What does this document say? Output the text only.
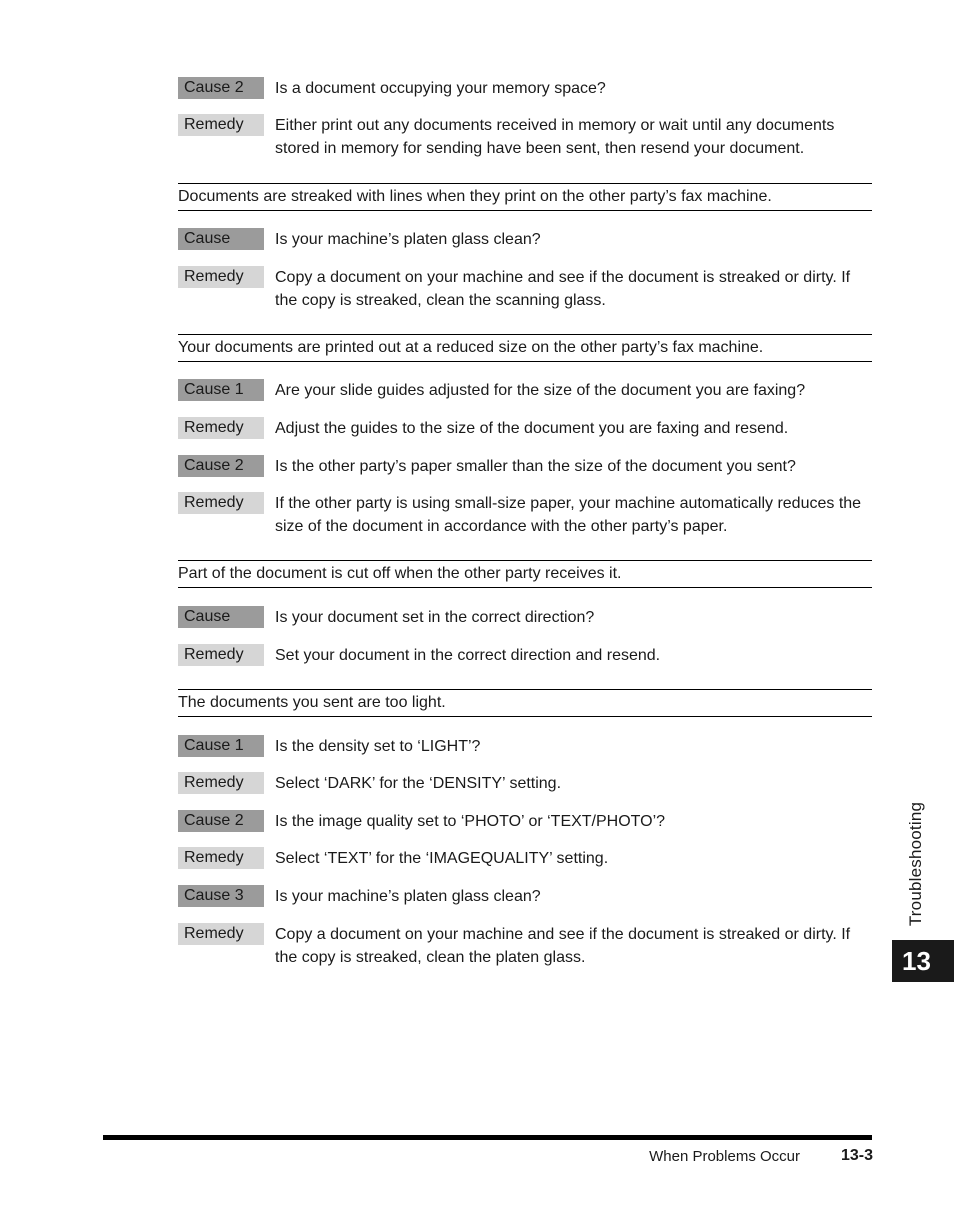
Cause 2	Is a document occupying your memory space?
Remedy	Either print out any documents received in memory or wait until any documents stored in memory for sending have been sent, then resend your document.
Documents are streaked with lines when they print on the other party’s fax machine.
Cause	Is your machine’s platen glass clean?
Remedy	Copy a document on your machine and see if the document is streaked or dirty. If the copy is streaked, clean the scanning glass.
Your documents are printed out at a reduced size on the other party’s fax machine.
Cause 1	Are your slide guides adjusted for the size of the document you are faxing?
Remedy	Adjust the guides to the size of the document you are faxing and resend.
Cause 2	Is the other party’s paper smaller than the size of the document you sent?
Remedy	If the other party is using small-size paper, your machine automatically reduces the size of the document in accordance with the other party’s paper.
Part of the document is cut off when the other party receives it.
Cause	Is your document set in the correct direction?
Remedy	Set your document in the correct direction and resend.
The documents you sent are too light.
Cause 1	Is the density set to ‘LIGHT’?
Remedy	Select ‘DARK’ for the ‘DENSITY’ setting.
Cause 2	Is the image quality set to ‘PHOTO’ or ‘TEXT/PHOTO’?
Remedy	Select ‘TEXT’ for the ‘IMAGEQUALITY’ setting.
Cause 3	Is your machine’s platen glass clean?
Remedy	Copy a document on your machine and see if the document is streaked or dirty. If the copy is streaked, clean the platen glass.
Troubleshooting
13
When Problems Occur	13-3
